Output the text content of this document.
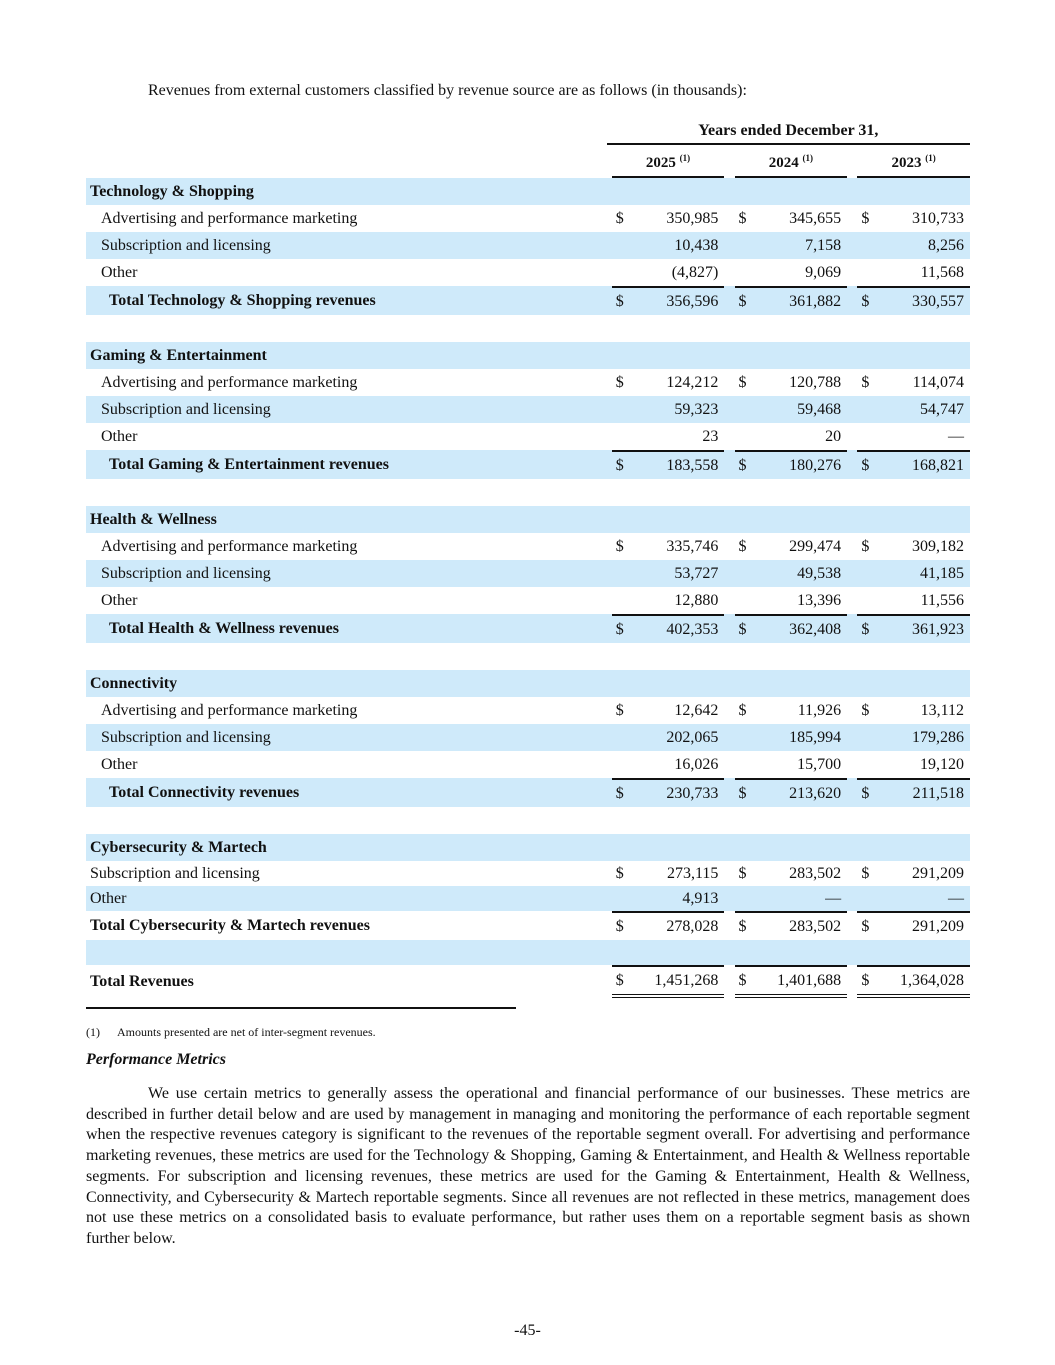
Revenues from external customers classified by revenue source are as follows (in thousands):
	Years ended December 31,										
		2025 $^{(1)}$				2024 $^{(1)}$				2023 $^{(1)}$
Technology & Shopping											
Advertising and performance marketing		$	350,985			$	345,655			$	310,733
Subscription and licensing			10,438				7,158				8,256
Other			(4,827)				9,069				11,568
Total Technology & Shopping revenues		$	356,596			$	361,882			$	330,557

Gaming & Entertainment											
Advertising and performance marketing		$	124,212			$	120,788			$	114,074
Subscription and licensing			59,323				59,468				54,747
Other			23				20				—
Total Gaming & Entertainment revenues		$	183,558			$	180,276			$	168,821

Health & Wellness											
Advertising and performance marketing		$	335,746			$	299,474			$	309,182
Subscription and licensing			53,727				49,538				41,185
Other			12,880				13,396				11,556
Total Health & Wellness revenues		$	402,353			$	362,408			$	361,923

Connectivity											
Advertising and performance marketing		$	12,642			$	11,926			$	13,112
Subscription and licensing			202,065				185,994				179,286
Other			16,026				15,700				19,120
Total Connectivity revenues		$	230,733			$	213,620			$	211,518

Cybersecurity & Martech											
Subscription and licensing		$	273,115			$	283,502			$	291,209
Other			4,913				—				—
Total Cybersecurity & Martech revenues		$	278,028			$	283,502			$	291,209

Total Revenues		$	1,451,268			$	1,401,688			$	1,364,028
(1) Amounts presented are net of inter-segment revenues.
Performance Metrics
We use certain metrics to generally assess the operational and financial performance of our businesses. These metrics are described in further detail below and are used by management in managing and monitoring the performance of each reportable segment when the respective revenues category is significant to the revenues of the reportable segment overall. For advertising and performance marketing revenues, these metrics are used for the Technology & Shopping, Gaming & Entertainment, and Health & Wellness reportable segments. For subscription and licensing revenues, these metrics are used for the Gaming & Entertainment, Health & Wellness, Connectivity, and Cybersecurity & Martech reportable segments. Since all revenues are not reflected in these metrics, management does not use these metrics on a consolidated basis to evaluate performance, but rather uses them on a reportable segment basis as shown further below.
-45-
